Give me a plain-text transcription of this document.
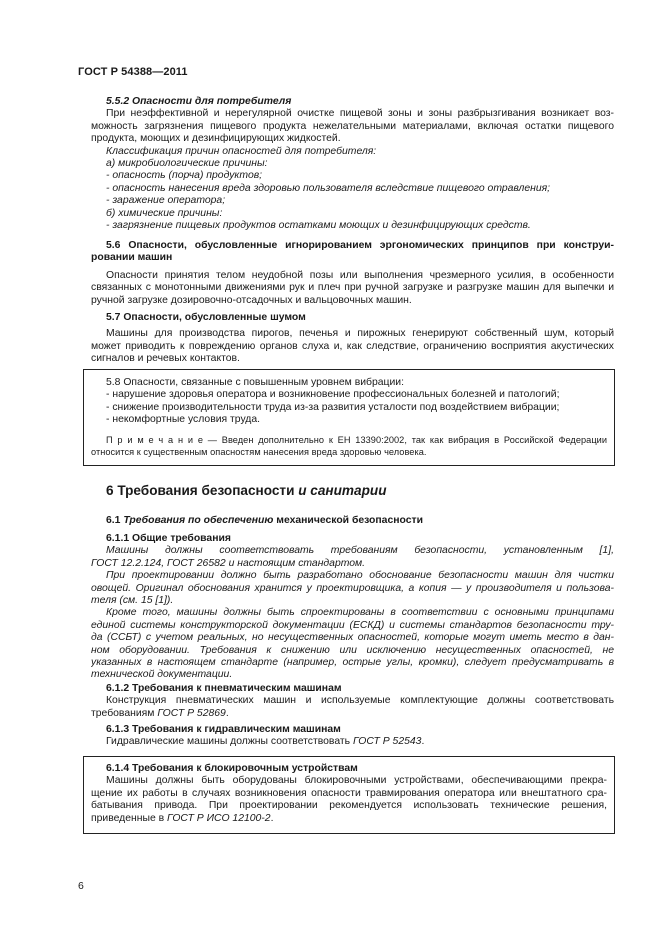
ГОСТ Р 54388—2011
5.5.2 Опасности для потребителя
При неэффективной и нерегулярной очистке пищевой зоны и зоны разбрызгивания возникает воз-
можность загрязнения пищевого продукта нежелательными материалами, включая остатки пищевого
продукта, моющих и дезинфицирующих жидкостей.
Классификация причин опасностей для потребителя:
а) микробиологические причины:
- опасность (порча) продуктов;
- опасность нанесения вреда здоровью пользователя вследствие пищевого отравления;
- заражение оператора;
б) химические причины:
- загрязнение пищевых продуктов остатками моющих и дезинфицирующих средств.
5.6 Опасности, обусловленные игнорированием эргономических принципов при конструи-
ровании машин
Опасности принятия телом неудобной позы или выполнения чрезмерного усилия, в особенности
связанных с монотонными движениями рук и плеч при ручной загрузке и разгрузке машин для выпечки и
ручной загрузке дозировочно-отсадочных и вальцовочных машин.
5.7 Опасности, обусловленные шумом
Машины для производства пирогов, печенья и пирожных генерируют собственный шум, который
может приводить к повреждению органов слуха и, как следствие, ограничению восприятия акустических
сигналов и речевых контактов.
5.8 Опасности, связанные с повышенным уровнем вибрации:
- нарушение здоровья оператора и возникновение профессиональных болезней и патологий;
- снижение производительности труда из-за развития усталости под воздействием вибрации;
- некомфортные условия труда.
П р и м е ч а н и е — Введен дополнительно к ЕН 13390:2002, так как вибрация в Российской Федерации
относится к существенным опасностям нанесения вреда здоровью человека.
6 Требования безопасности и санитарии
6.1 Требования по обеспечению механической безопасности
6.1.1 Общие требования
Машины должны соответствовать требованиям безопасности, установленным [1],
ГОСТ 12.2.124, ГОСТ 26582 и настоящим стандартом.
При проектировании должно быть разработано обоснование безопасности машин для чистки
овощей. Оригинал обоснования хранится у проектировщика, а копия — у производителя и пользова-
теля (см. 15 [1]).
Кроме того, машины должны быть спроектированы в соответствии с основными принципами
единой системы конструкторской документации (ЕСКД) и системы стандартов безопасности тру-
да (ССБТ) с учетом реальных, но несущественных опасностей, которые могут иметь место в дан-
ном оборудовании. Требования к снижению или исключению несущественных опасностей, не
указанных в настоящем стандарте (например, острые углы, кромки), следует предусматривать в
технической документации.
6.1.2 Требования к пневматическим машинам
Конструкция пневматических машин и используемые комплектующие должны соответствовать
требованиям ГОСТ Р 52869.
6.1.3 Требования к гидравлическим машинам
Гидравлические машины должны соответствовать ГОСТ Р 52543.
6.1.4 Требования к блокировочным устройствам
Машины должны быть оборудованы блокировочными устройствами, обеспечивающими прекра-
щение их работы в случаях возникновения опасности травмирования оператора или внештатного сра-
батывания привода. При проектировании рекомендуется использовать технические решения,
приведенные в ГОСТ Р ИСО 12100-2.
6
